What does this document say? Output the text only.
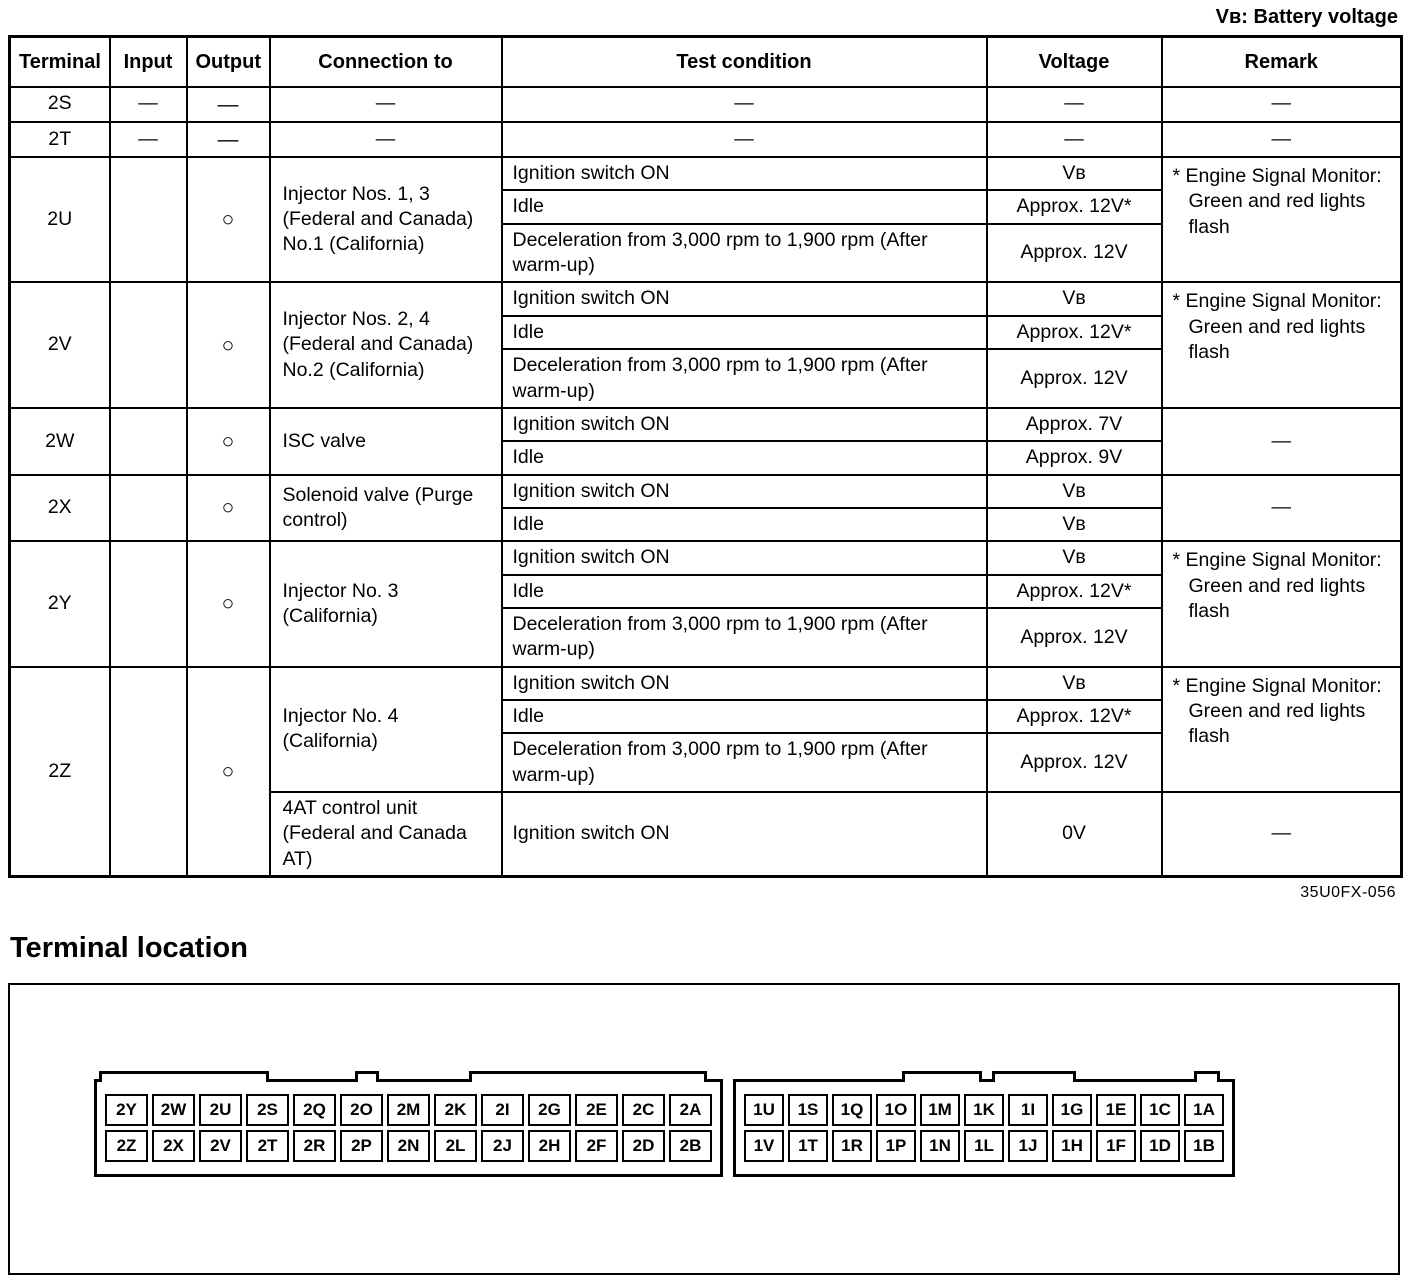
Vʙ: Battery voltage
Terminal	Input	Output	Connection to	Test condition	Voltage	Remark
2S	—	—	—	—	—	—
2T	—	—	—	—	—	—
2U		○	Injector Nos. 1, 3 (Federal and Canada) No.1 (California)	Ignition switch ON	Vʙ	* Engine Signal Monitor: Green and red lights flash
				Idle	Approx. 12V*	
				Deceleration from 3,000 rpm to 1,900 rpm (After warm-up)	Approx. 12V	
2V		○	Injector Nos. 2, 4 (Federal and Canada) No.2 (California)	Ignition switch ON	Vʙ	* Engine Signal Monitor: Green and red lights flash
				Idle	Approx. 12V*	
				Deceleration from 3,000 rpm to 1,900 rpm (After warm-up)	Approx. 12V	
2W		○	ISC valve	Ignition switch ON	Approx. 7V	—
				Idle	Approx. 9V	
2X		○	Solenoid valve (Purge control)	Ignition switch ON	Vʙ	—
				Idle	Vʙ	
2Y		○	Injector No. 3 (California)	Ignition switch ON	Vʙ	* Engine Signal Monitor: Green and red lights flash
				Idle	Approx. 12V*	
				Deceleration from 3,000 rpm to 1,900 rpm (After warm-up)	Approx. 12V	
2Z		○	Injector No. 4 (California)	Ignition switch ON	Vʙ	* Engine Signal Monitor: Green and red lights flash
				Idle	Approx. 12V*	
				Deceleration from 3,000 rpm to 1,900 rpm (After warm-up)	Approx. 12V	
			4AT control unit (Federal and Canada AT)	Ignition switch ON	0V	—
35U0FX-056
Terminal location
2Y	2W	2U	2S	2Q	2O	2M	2K	2I	2G	2E	2C	2A
2Z	2X	2V	2T	2R	2P	2N	2L	2J	2H	2F	2D	2B
1U	1S	1Q	1O	1M	1K	1I	1G	1E	1C	1A
1V	1T	1R	1P	1N	1L	1J	1H	1F	1D	1B
